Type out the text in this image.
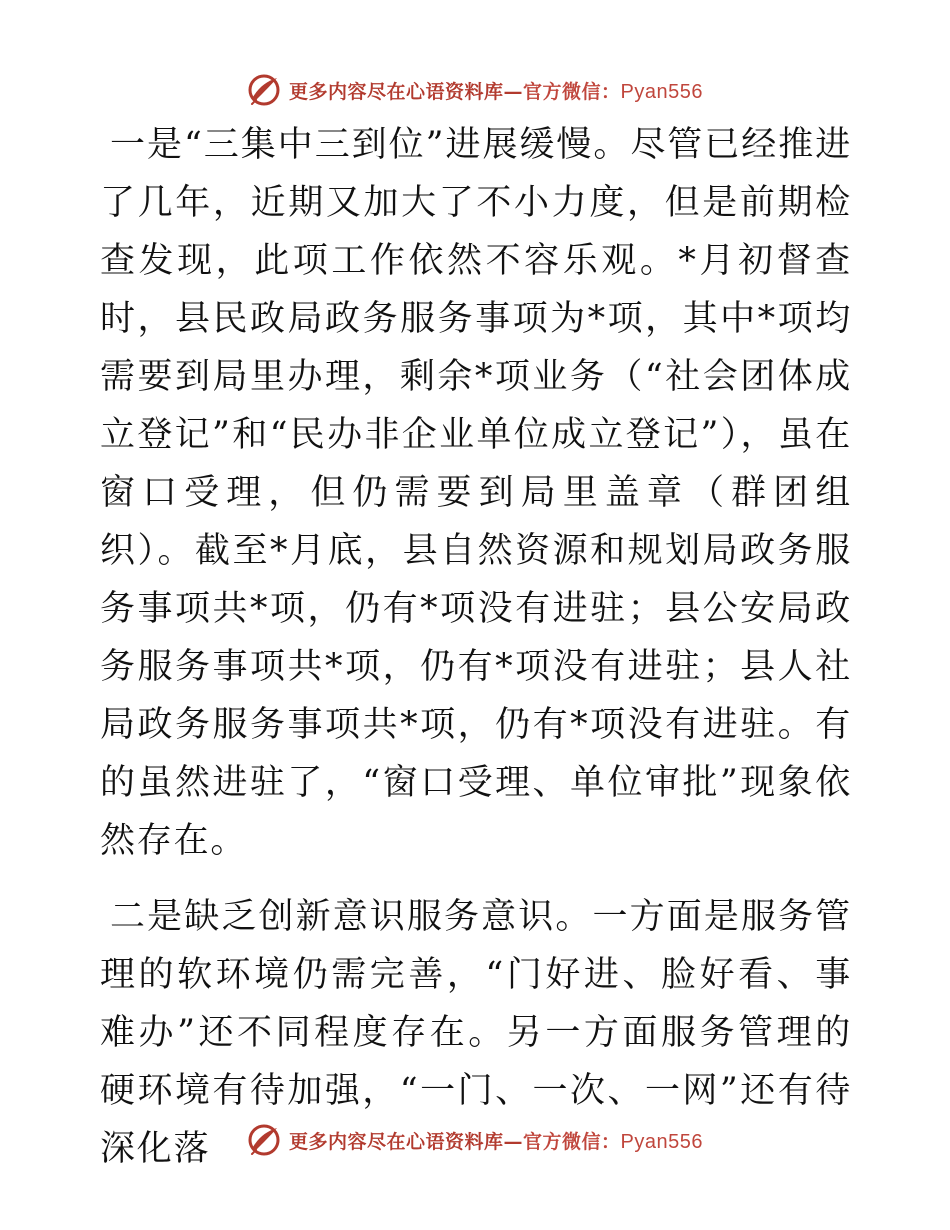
更多内容尽在心语资料库—官方微信：Pyan556

一是“三集中三到位”进展缓慢。尽管已经推进了几年，近期又加大了不小力度，但是前期检查发现，此项工作依然不容乐观。*月初督查时，县民政局政务服务事项为*项，其中*项均需要到局里办理，剩余*项业务（“社会团体成立登记”和“民办非企业单位成立登记”），虽在窗口受理，但仍需要到局里盖章（群团组织）。截至*月底，县自然资源和规划局政务服务事项共*项，仍有*项没有进驻；县公安局政务服务事项共*项，仍有*项没有进驻；县人社局政务服务事项共*项，仍有*项没有进驻。有的虽然进驻了，“窗口受理、单位审批”现象依然存在。

二是缺乏创新意识服务意识。一方面是服务管理的软环境仍需完善，“门好进、脸好看、事难办”还不同程度存在。另一方面服务管理的硬环境有待加强，“一门、一次、一网”还有待深化落	更多内容尽在心语资料库—官方微信：Pyan556
